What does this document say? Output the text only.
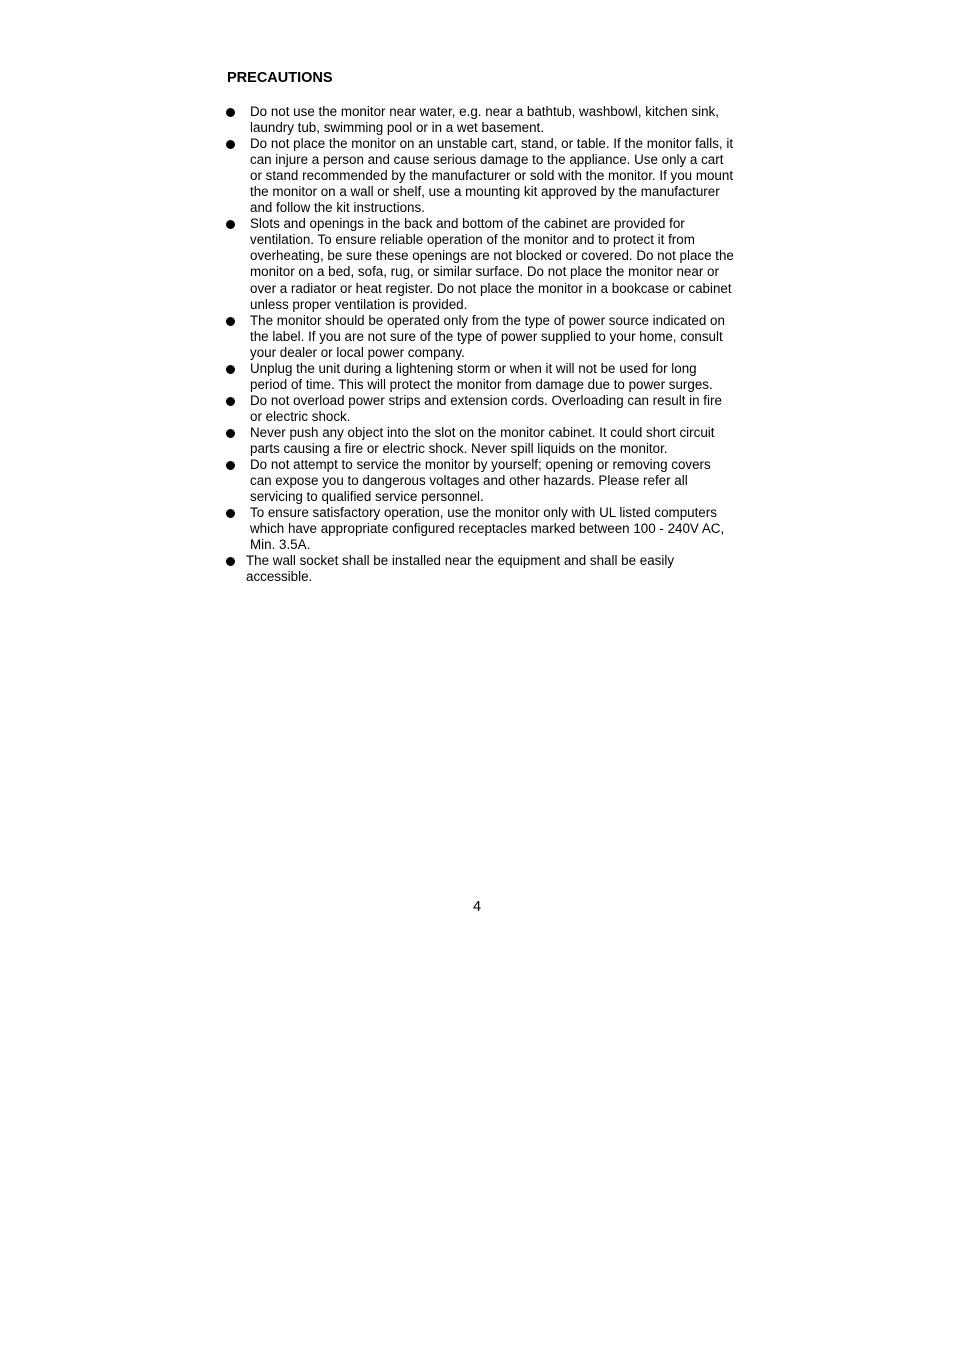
PRECAUTIONS
Do not use the monitor near water, e.g. near a bathtub, washbowl, kitchen sink, laundry tub, swimming pool or in a wet basement.
Do not place the monitor on an unstable cart, stand, or table. If the monitor falls, it can injure a person and cause serious damage to the appliance. Use only a cart or stand recommended by the manufacturer or sold with the monitor. If you mount the monitor on a wall or shelf, use a mounting kit approved by the manufacturer and follow the kit instructions.
Slots and openings in the back and bottom of the cabinet are provided for ventilation. To ensure reliable operation of the monitor and to protect it from overheating, be sure these openings are not blocked or covered. Do not place the monitor on a bed, sofa, rug, or similar surface. Do not place the monitor near or over a radiator or heat register. Do not place the monitor in a bookcase or cabinet unless proper ventilation is provided.
The monitor should be operated only from the type of power source indicated on the label. If you are not sure of the type of power supplied to your home, consult your dealer or local power company.
Unplug the unit during a lightening storm or when it will not be used for long period of time. This will protect the monitor from damage due to power surges.
Do not overload power strips and extension cords. Overloading can result in fire or electric shock.
Never push any object into the slot on the monitor cabinet. It could short circuit parts causing a fire or electric shock. Never spill liquids on the monitor.
Do not attempt to service the monitor by yourself; opening or removing covers can expose you to dangerous voltages and other hazards. Please refer all servicing to qualified service personnel.
To ensure satisfactory operation, use the monitor only with UL listed computers which have appropriate configured receptacles marked between 100 - 240V AC, Min. 3.5A.
The wall socket shall be installed near the equipment and shall be easily accessible.
4
